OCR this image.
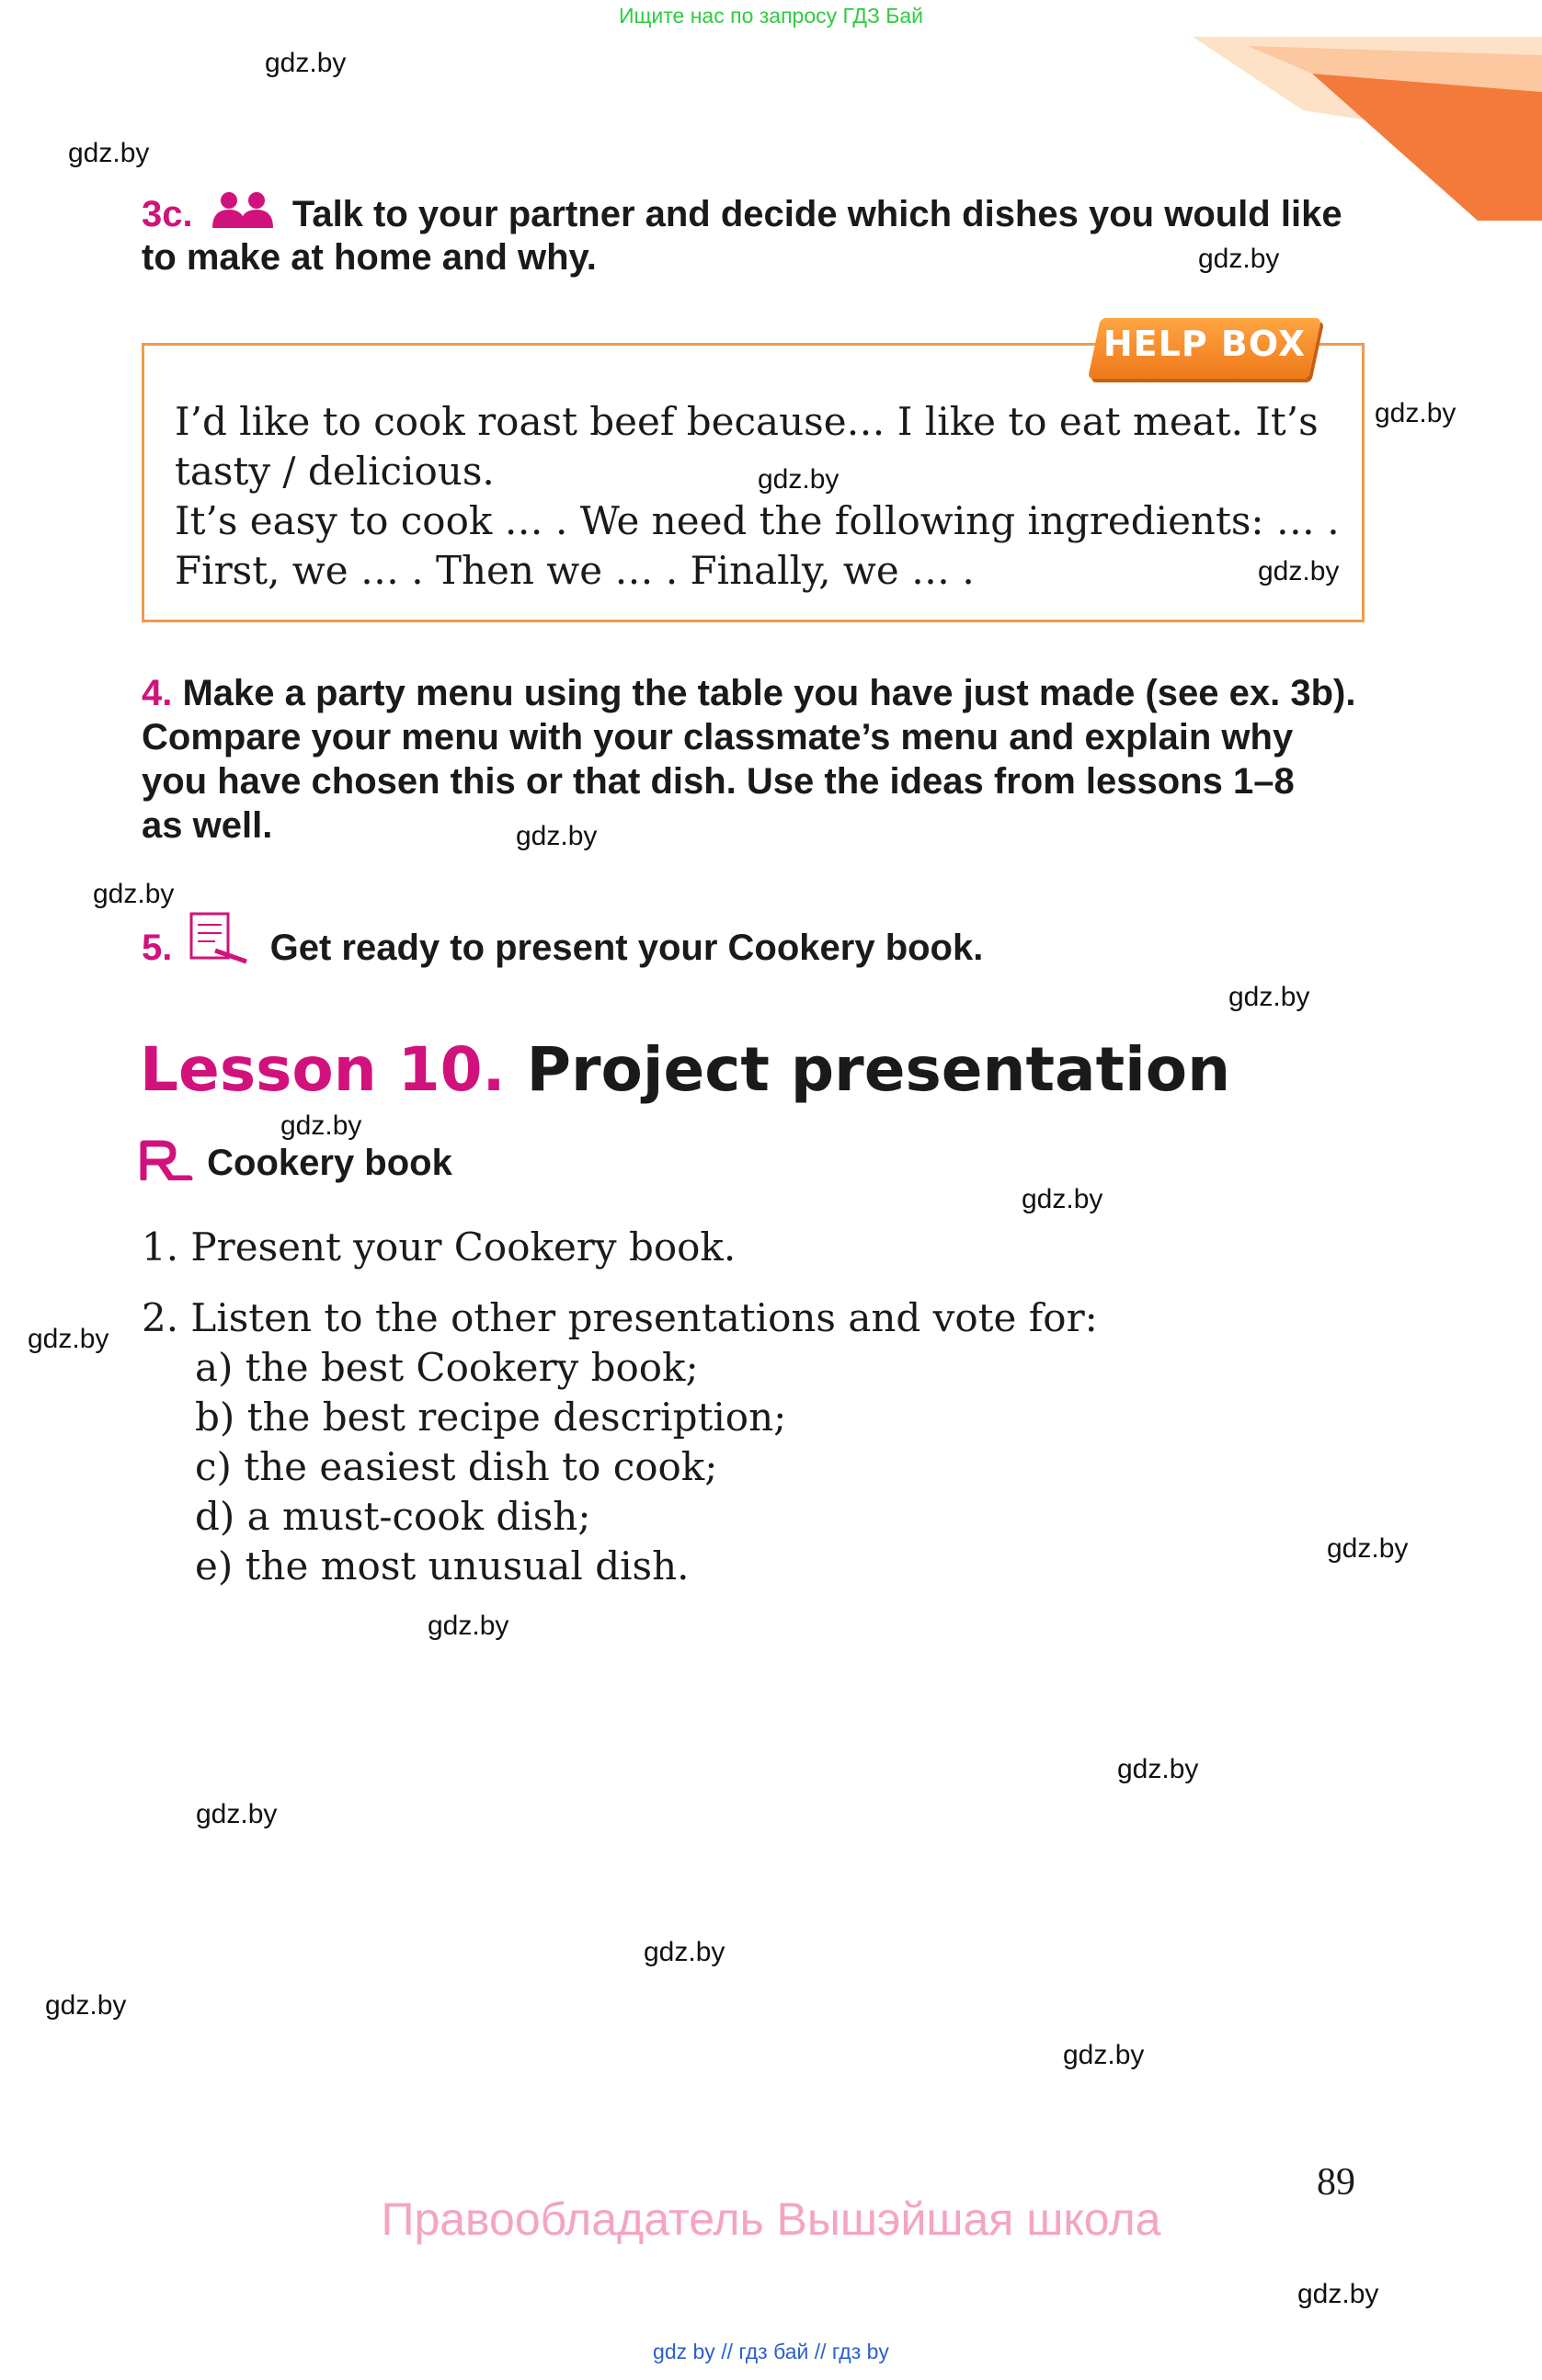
Ищите нас по запросу ГДЗ Бай
gdz.by
gdz.by
gdz.by
gdz.by
gdz.by
gdz.by
gdz.by
gdz.by
gdz.by
gdz.by
gdz.by
gdz.by
gdz.by
gdz.by
gdz.by
gdz.by
gdz.by
gdz.by
gdz.by
gdz.by
3c.	Talk to your partner and decide which dishes you would like
to make at home and why.
HELP BOX
I’d like to cook roast beef because… I like to eat meat. It’s
tasty / delicious.
It’s easy to cook … . We need the following ingredients: … .
First, we … . Then we … . Finally, we … .
4. Make a party menu using the table you have just made (see ex. 3b).
Compare your menu with your classmate’s menu and explain why
you have chosen this or that dish. Use the ideas from lessons 1–8
as well.
5.	Get ready to present your Cookery book.
Lesson 10. Project presentation
Cookery book
1. Present your Cookery book.
2. Listen to the other presentations and vote for:
a) the best Cookery book;
b) the best recipe description;
c) the easiest dish to cook;
d) a must-cook dish;
e) the most unusual dish.
89
Правообладатель Вышэйшая школа
gdz by // гдз бай // гдз by
